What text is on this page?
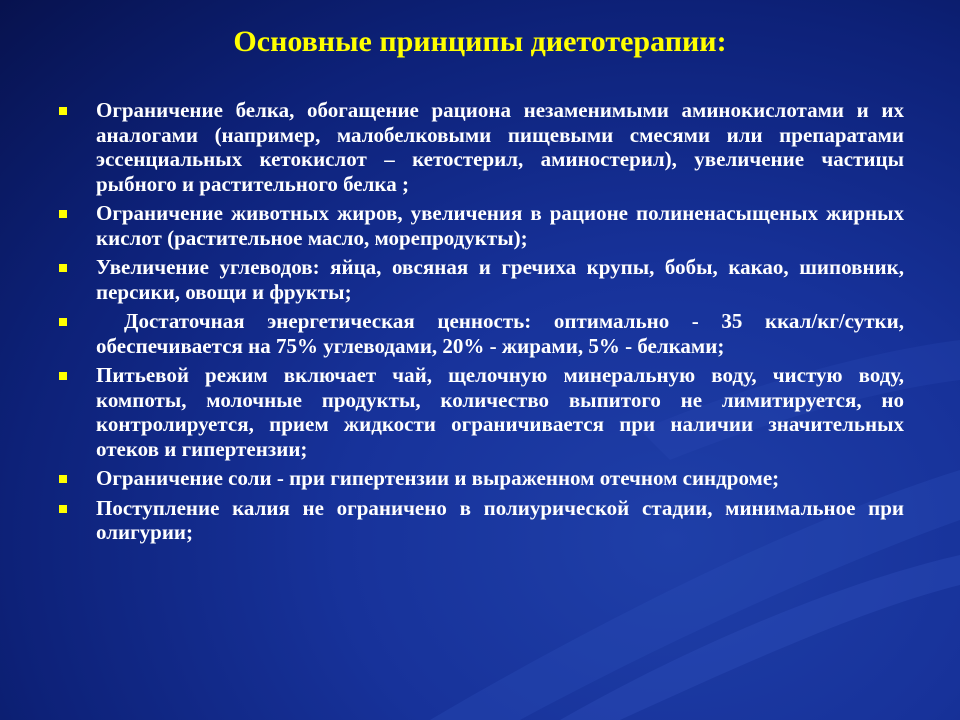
Основные принципы диетотерапии:
Ограничение белка, обогащение рациона незаменимыми аминокислотами и их аналогами (например, малобелковыми пищевыми смесями или препаратами эссенциальных кетокислот – кетостерил, аминостерил), увеличение частицы рыбного и растительного белка ;
Ограничение животных жиров, увеличения в рационе полиненасыщеных жирных кислот (растительное масло, морепродукты);
Увеличение углеводов: яйца, овсяная и гречиха крупы, бобы, какао, шиповник, персики, овощи и фрукты;
Достаточная энергетическая ценность: оптимально - 35 ккал/кг/сутки, обеспечивается на 75% углеводами, 20% - жирами, 5% - белками;
Питьевой режим включает чай, щелочную минеральную воду, чистую воду, компоты, молочные продукты, количество выпитого не лимитируется, но контролируется, прием жидкости ограничивается при наличии значительных отеков и гипертензии;
Ограничение соли - при гипертензии и выраженном отечном синдроме;
Поступление калия не ограничено в полиурической стадии, минимальное при олигурии;
